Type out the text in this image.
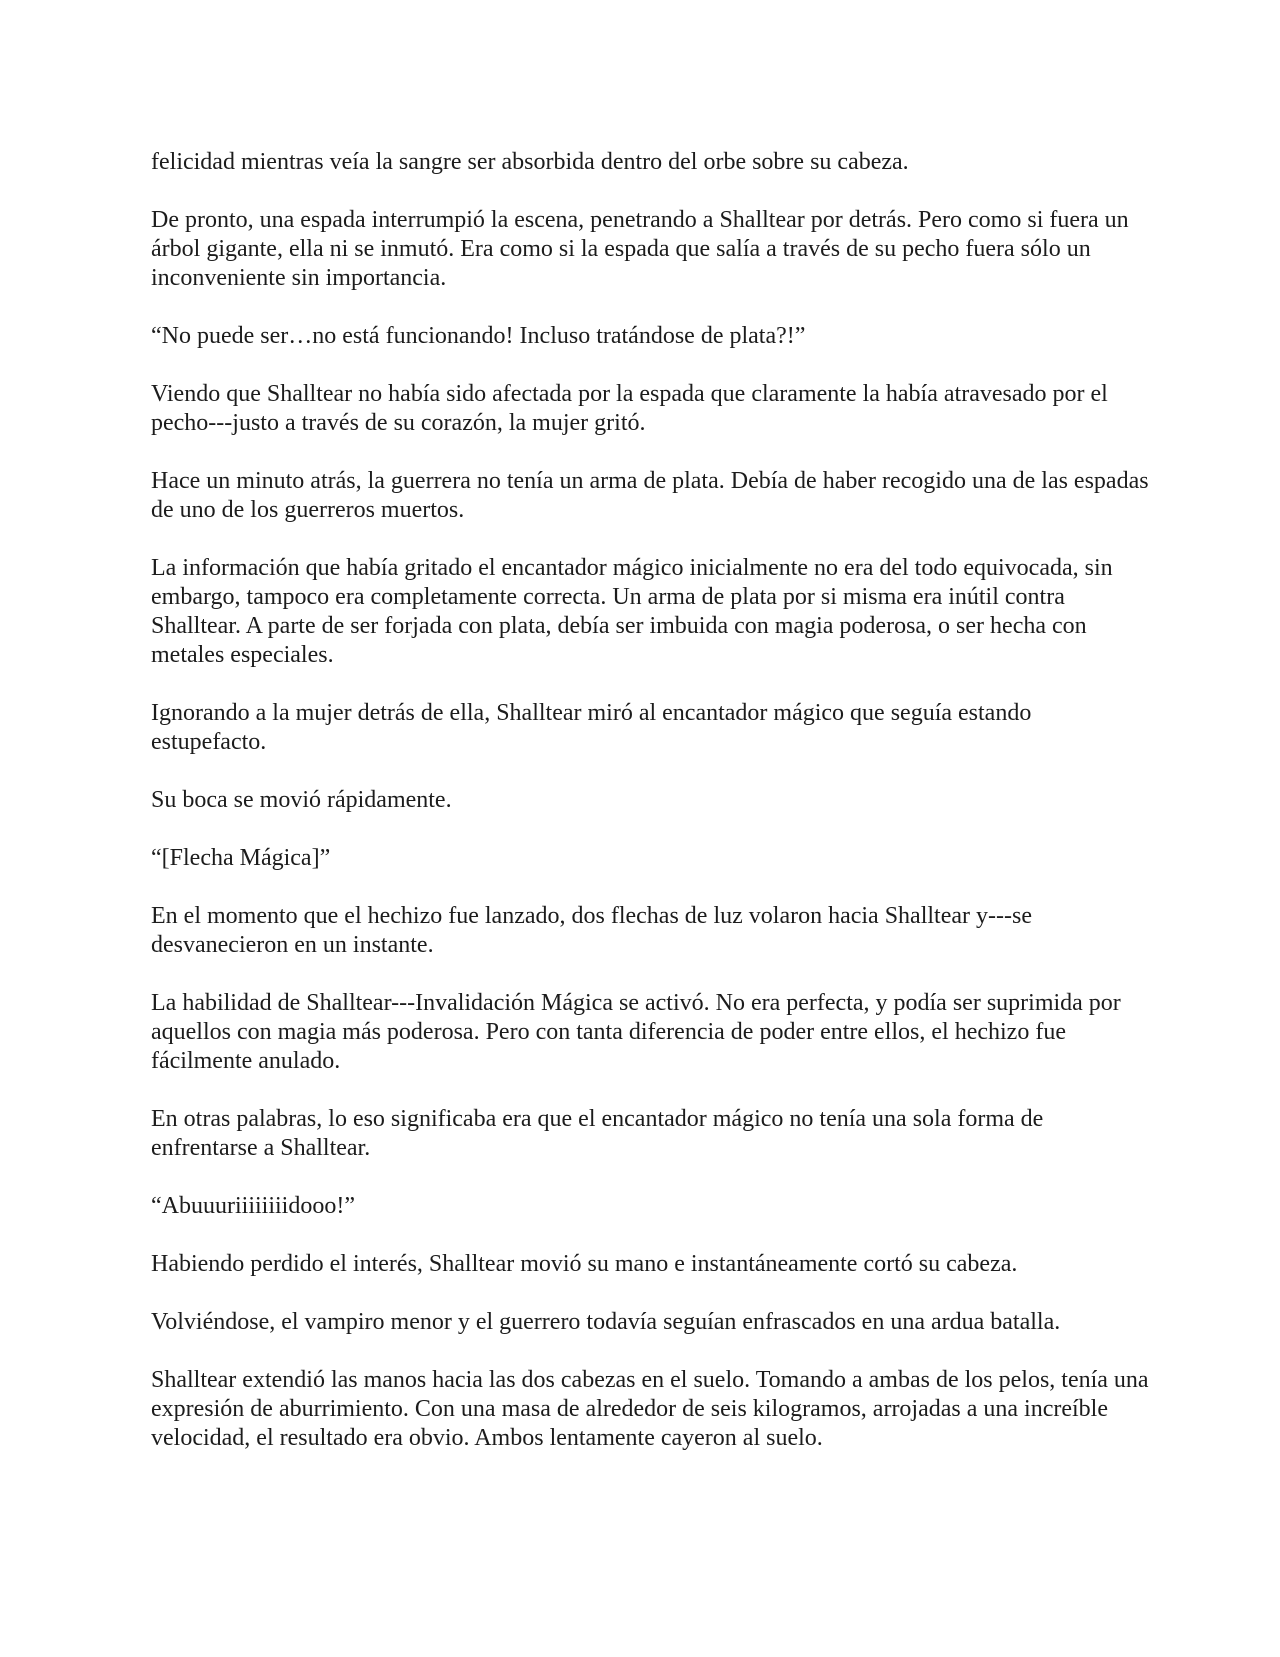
felicidad mientras veía la sangre ser absorbida dentro del orbe sobre su cabeza.

De pronto, una espada interrumpió la escena, penetrando a Shalltear por detrás. Pero como si fuera un árbol gigante, ella ni se inmutó. Era como si la espada que salía a través de su pecho fuera sólo un inconveniente sin importancia.

“No puede ser…no está funcionando! Incluso tratándose de plata?!”

Viendo que Shalltear no había sido afectada por la espada que claramente la había atravesado por el pecho---justo a través de su corazón, la mujer gritó.

Hace un minuto atrás, la guerrera no tenía un arma de plata. Debía de haber recogido una de las espadas de uno de los guerreros muertos.

La información que había gritado el encantador mágico inicialmente no era del todo equivocada, sin embargo, tampoco era completamente correcta. Un arma de plata por si misma era inútil contra Shalltear. A parte de ser forjada con plata, debía ser imbuida con magia poderosa, o ser hecha con metales especiales.

Ignorando a la mujer detrás de ella, Shalltear miró al encantador mágico que seguía estando estupefacto.

Su boca se movió rápidamente.

“[Flecha Mágica]”

En el momento que el hechizo fue lanzado, dos flechas de luz volaron hacia Shalltear y---se desvanecieron en un instante.

La habilidad de Shalltear---Invalidación Mágica se activó. No era perfecta, y podía ser suprimida por aquellos con magia más poderosa. Pero con tanta diferencia de poder entre ellos, el hechizo fue fácilmente anulado.

En otras palabras, lo eso significaba era que el encantador mágico no tenía una sola forma de enfrentarse a Shalltear.

“Abuuuriiiiiiiidooo!”

Habiendo perdido el interés, Shalltear movió su mano e instantáneamente cortó su cabeza.

Volviéndose, el vampiro menor y el guerrero todavía seguían enfrascados en una ardua batalla.

Shalltear extendió las manos hacia las dos cabezas en el suelo. Tomando a ambas de los pelos, tenía una expresión de aburrimiento. Con una masa de alrededor de seis kilogramos, arrojadas a una increíble velocidad, el resultado era obvio. Ambos lentamente cayeron al suelo.
